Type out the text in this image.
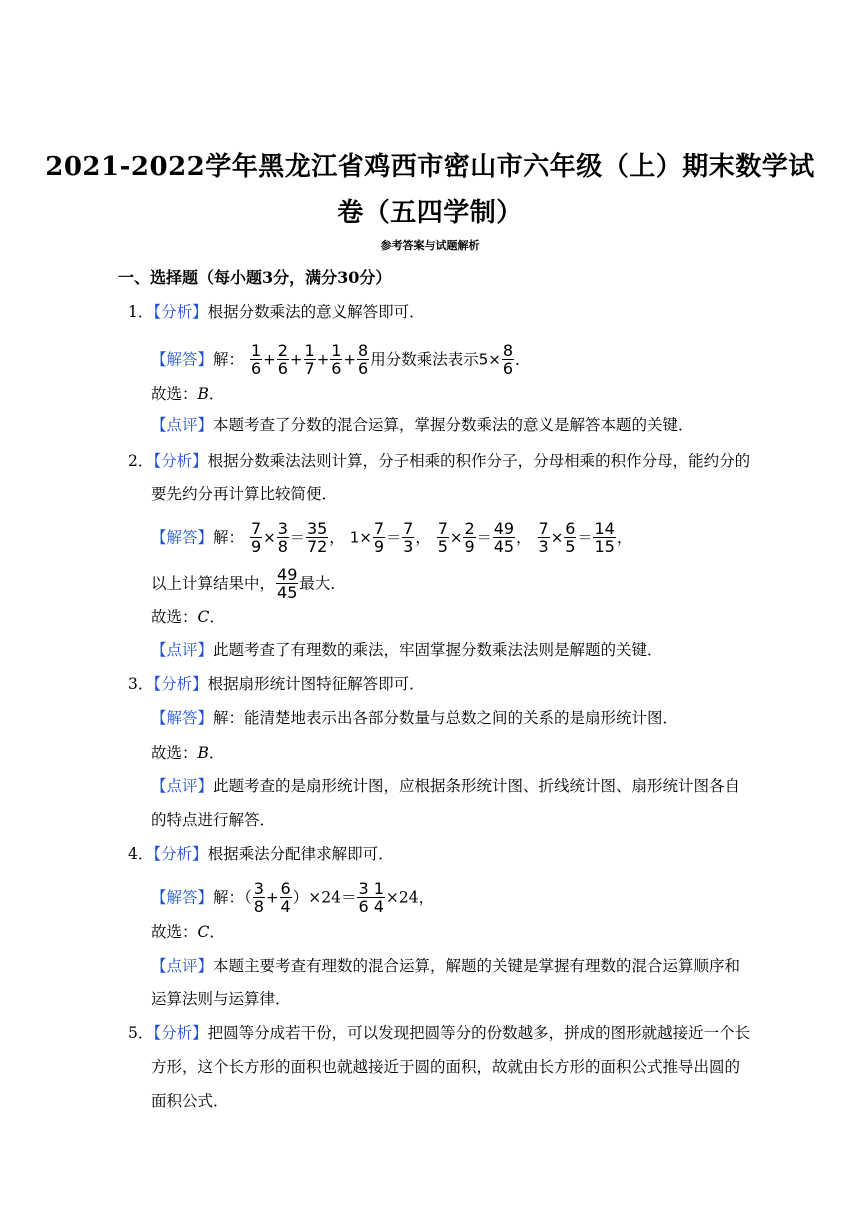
2021-2022学年黑龙江省鸡西市密山市六年级（上）期末数学试
卷（五四学制）
参考答案与试题解析
一、选择题（每小题3分，满分30分）
1．【分析】根据分数乘法的意义解答即可．
【解答】解： $\frac{1}{6} + \frac{2}{6} + \frac{1}{7} + \frac{1}{6} + \frac{8}{6}$ 用分数乘法表示$5\times \frac{8}{6}$ ．
故选：B．
【点评】本题考查了分数的混合运算，掌握分数乘法的意义是解答本题的关键．
2．【分析】根据分数乘法法则计算，分子相乘的积作分子，分母相乘的积作分母，能约分的
要先约分再计算比较简便．
【解答】解： $\frac{7}{9} \times \frac{3}{8} = \frac{35}{72}$ ， $1\times \frac{7}{9} = \frac{7}{3}$ ， $\frac{7}{5} \times \frac{2}{9} = \frac{49}{45}$ ， $\frac{7}{3} \times \frac{6}{5} = \frac{14}{15}$ ，
以上计算结果中， $\frac{49}{45}$ 最大．
故选：C．
【点评】此题考查了有理数的乘法，牢固掌握分数乘法法则是解题的关键．
3．【分析】根据扇形统计图特征解答即可．
【解答】解：能清楚地表示出各部分数量与总数之间的关系的是扇形统计图．
故选：B．
【点评】此题考查的是扇形统计图，应根据条形统计图、折线统计图、扇形统计图各自
的特点进行解答．
4．【分析】根据乘法分配律求解即可．
【解答】解：（ $\frac{3}{8} + \frac{6}{4} )\times 24= \frac{3 1}{6 4} \times 24$，
故选：C．
【点评】本题主要考查有理数的混合运算，解题的关键是掌握有理数的混合运算顺序和
运算法则与运算律．
5．【分析】把圆等分成若干份，可以发现把圆等分的份数越多，拼成的图形就越接近一个长
方形，这个长方形的面积也就越接近于圆的面积，故就由长方形的面积公式推导出圆的
面积公式．
